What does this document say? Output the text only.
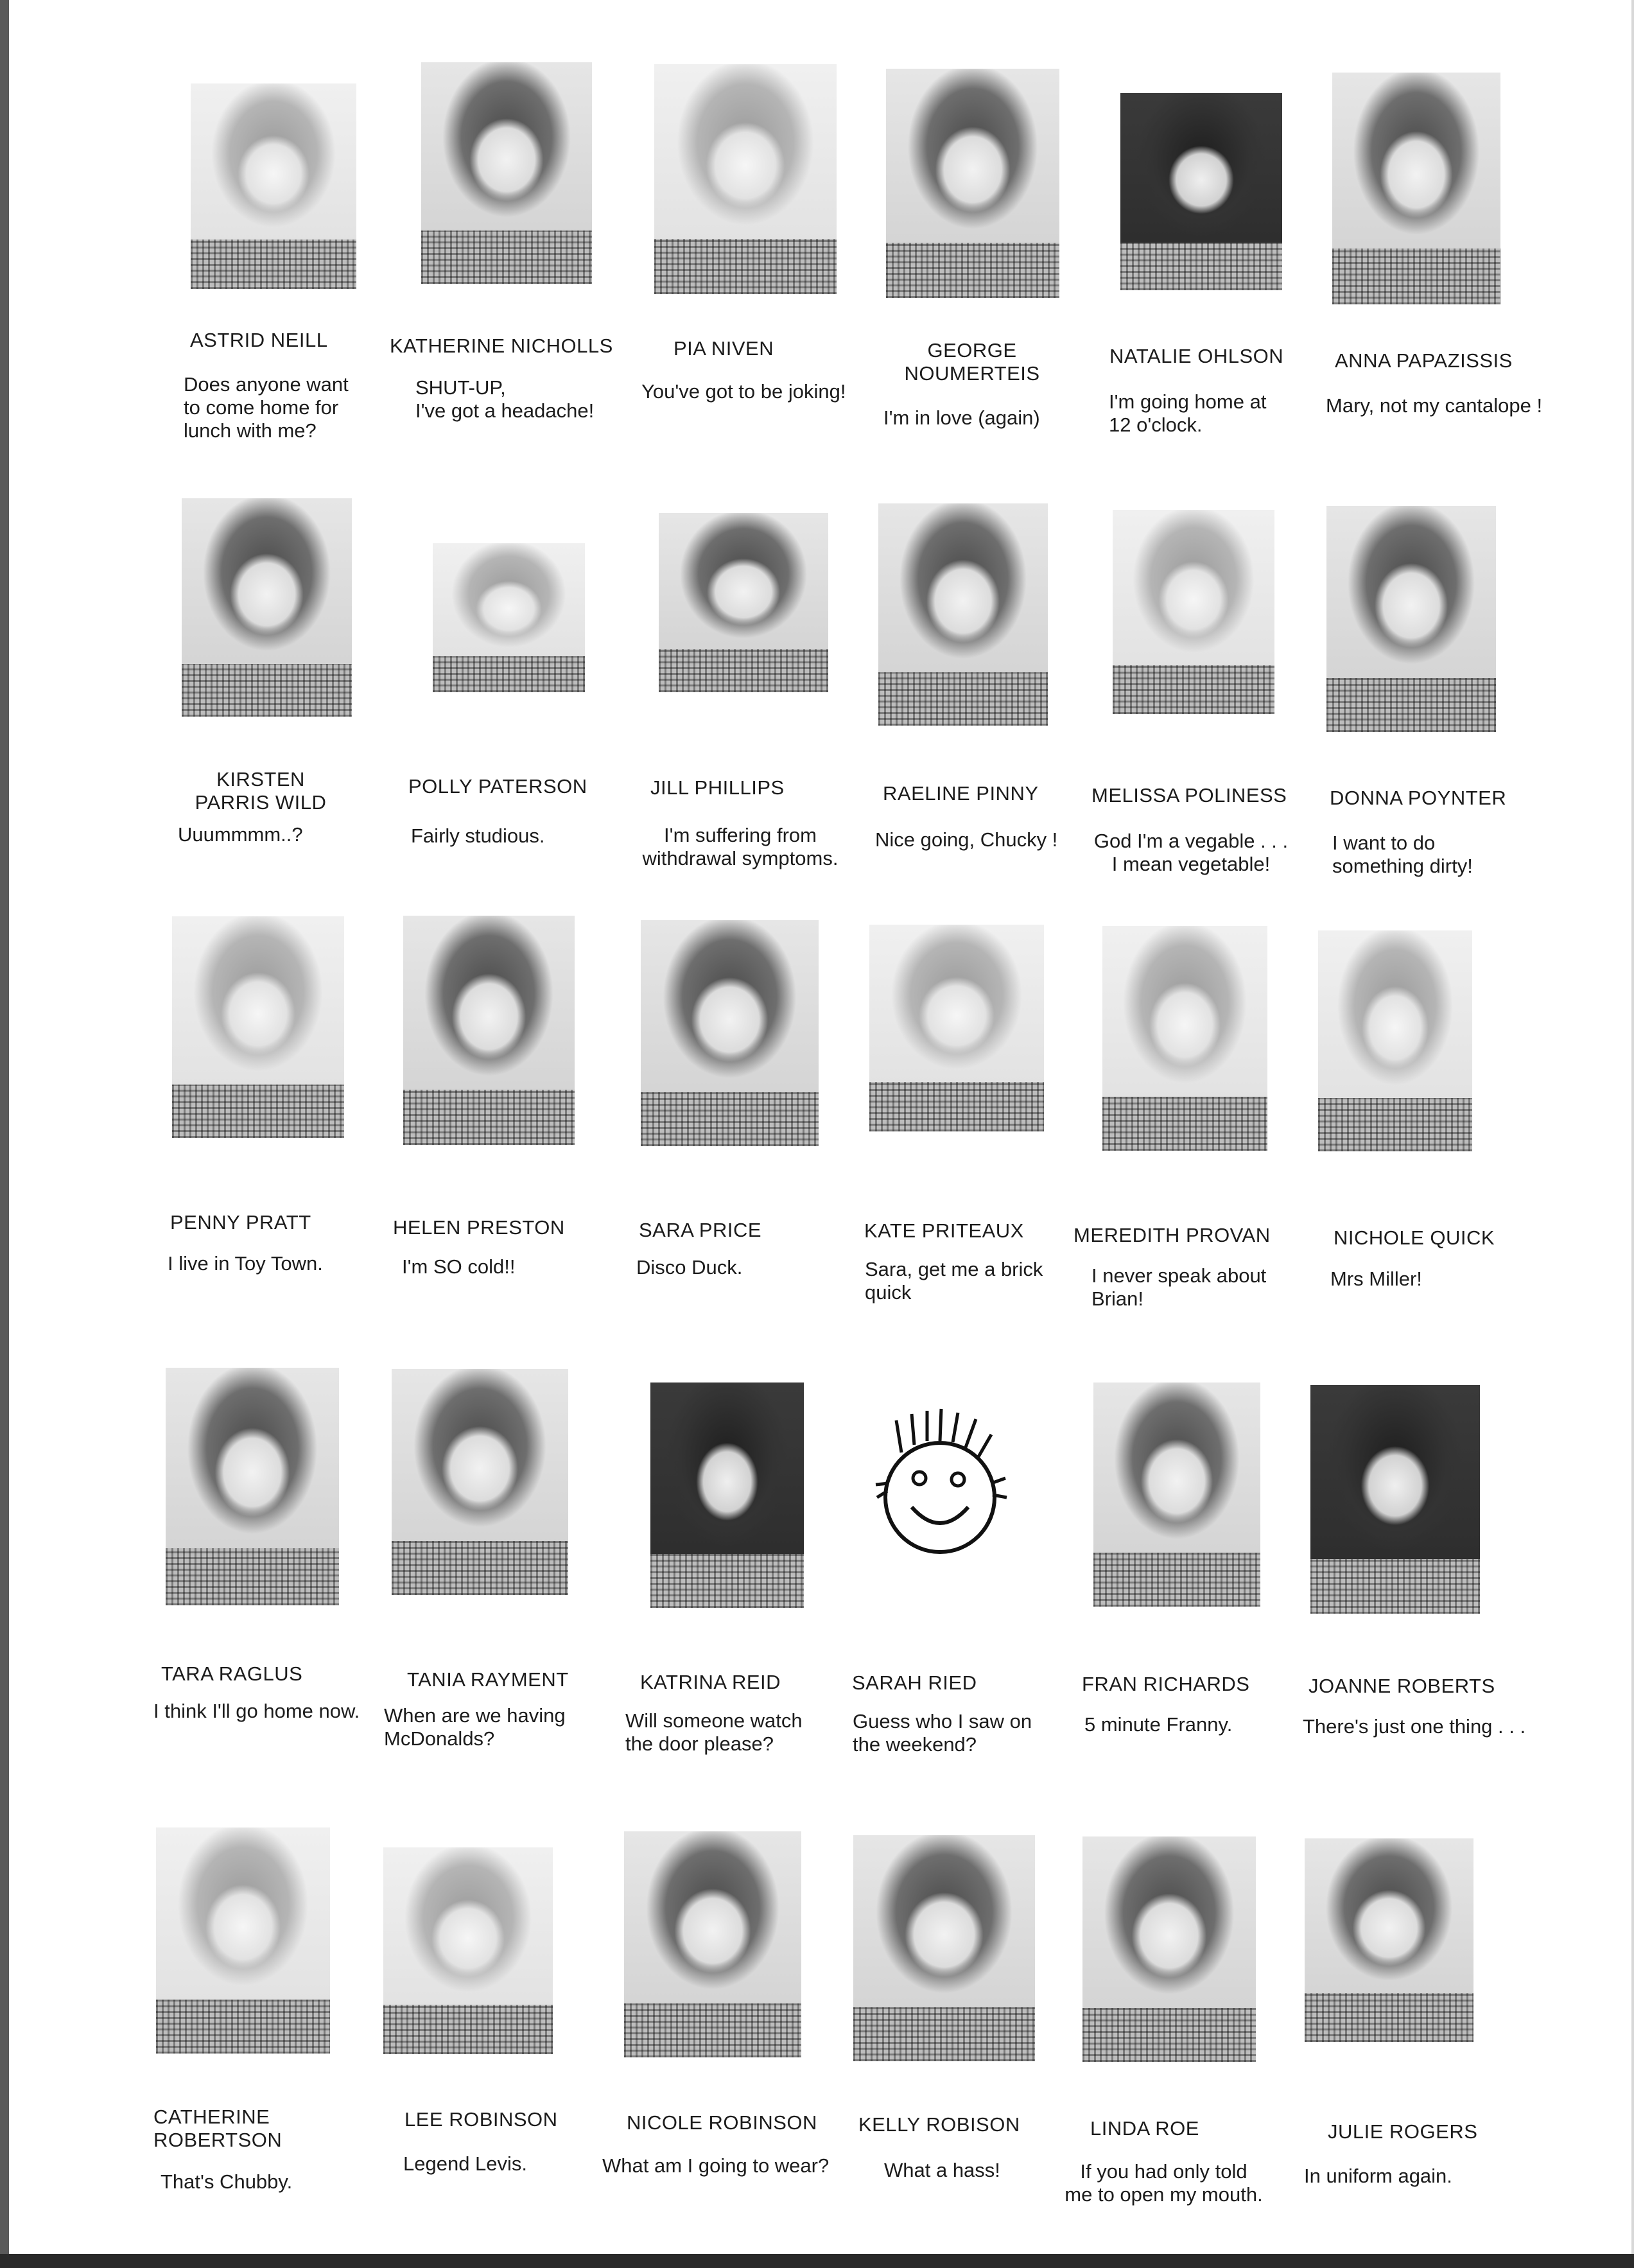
ASTRID NEILL
Does anyone want
to come home for
lunch with me?
KATHERINE NICHOLLS
SHUT-UP,
I've got a headache!
PIA NIVEN
You've got to be joking!
GEORGE
NOUMERTEIS
I'm in love (again)
NATALIE OHLSON
I'm going home at
12 o'clock.
ANNA PAPAZISSIS
Mary, not my cantalope !
KIRSTEN
PARRIS WILD
Uuummmm..?
POLLY PATERSON
Fairly studious.
JILL PHILLIPS
I'm suffering from
withdrawal symptoms.
RAELINE PINNY
Nice going, Chucky !
MELISSA POLINESS
God I'm a vegable . . .
I mean vegetable!
DONNA POYNTER
I want to do
something dirty!
PENNY PRATT
I live in Toy Town.
HELEN PRESTON
I'm SO cold!!
SARA PRICE
Disco Duck.
KATE PRITEAUX
Sara, get me a brick
quick
MEREDITH PROVAN
I never speak about
Brian!
NICHOLE QUICK
Mrs Miller!
TARA RAGLUS
I think I'll go home now.
TANIA RAYMENT
When are we having
McDonalds?
KATRINA REID
Will someone watch
the door please?
SARAH RIED
Guess who I saw on
the weekend?
FRAN RICHARDS
5 minute Franny.
JOANNE ROBERTS
There's just one thing . . .
CATHERINE
ROBERTSON
That's Chubby.
LEE ROBINSON
Legend Levis.
NICOLE ROBINSON
What am I going to wear?
KELLY ROBISON
What a hass!
LINDA ROE
If you had only told
me to open my mouth.
JULIE ROGERS
In uniform again.
